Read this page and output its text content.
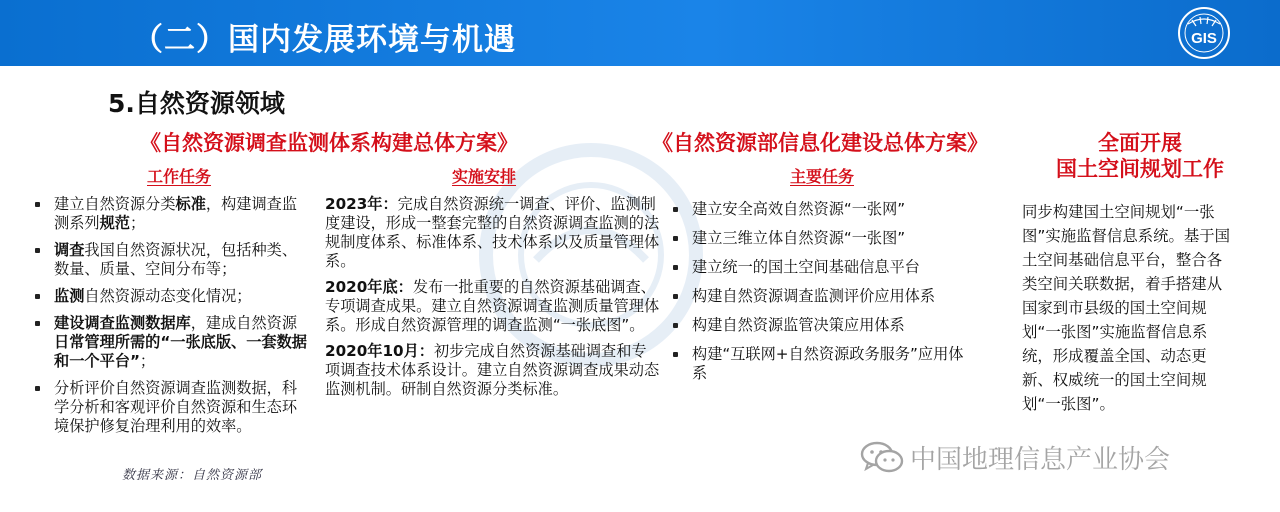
（二）国内发展环境与机遇	GIS
5.自然资源领域
《自然资源调查监测体系构建总体方案》
工作任务	实施安排
建立自然资源分类标准，构建调查监测系列规范；
调查我国自然资源状况，包括种类、数量、质量、空间分布等；
监测自然资源动态变化情况；
建设调查监测数据库，建成自然资源日常管理所需的“一张底版、一套数据和一个平台”；
分析评价自然资源调查监测数据，科学分析和客观评价自然资源和生态环境保护修复治理利用的效率。
2023年：完成自然资源统一调查、评价、监测制度建设，形成一整套完整的自然资源调查监测的法规制度体系、标准体系、技术体系以及质量管理体系。
2020年底：发布一批重要的自然资源基础调查、专项调查成果。建立自然资源调查监测质量管理体系。形成自然资源管理的调查监测“一张底图”。
2020年10月：初步完成自然资源基础调查和专项调查技术体系设计。建立自然资源调查成果动态监测机制。研制自然资源分类标准。
《自然资源部信息化建设总体方案》
主要任务
建立安全高效自然资源“一张网”
建立三维立体自然资源“一张图”
建立统一的国土空间基础信息平台
构建自然资源调查监测评价应用体系
构建自然资源监管决策应用体系
构建“互联网+自然资源政务服务”应用体系
全面开展
国土空间规划工作
同步构建国土空间规划“一张图”实施监督信息系统。基于国土空间基础信息平台，整合各类空间关联数据，着手搭建从国家到市县级的国土空间规划“一张图”实施监督信息系统，形成覆盖全国、动态更新、权威统一的国土空间规划“一张图”。
数据来源：自然资源部
中国地理信息产业协会
